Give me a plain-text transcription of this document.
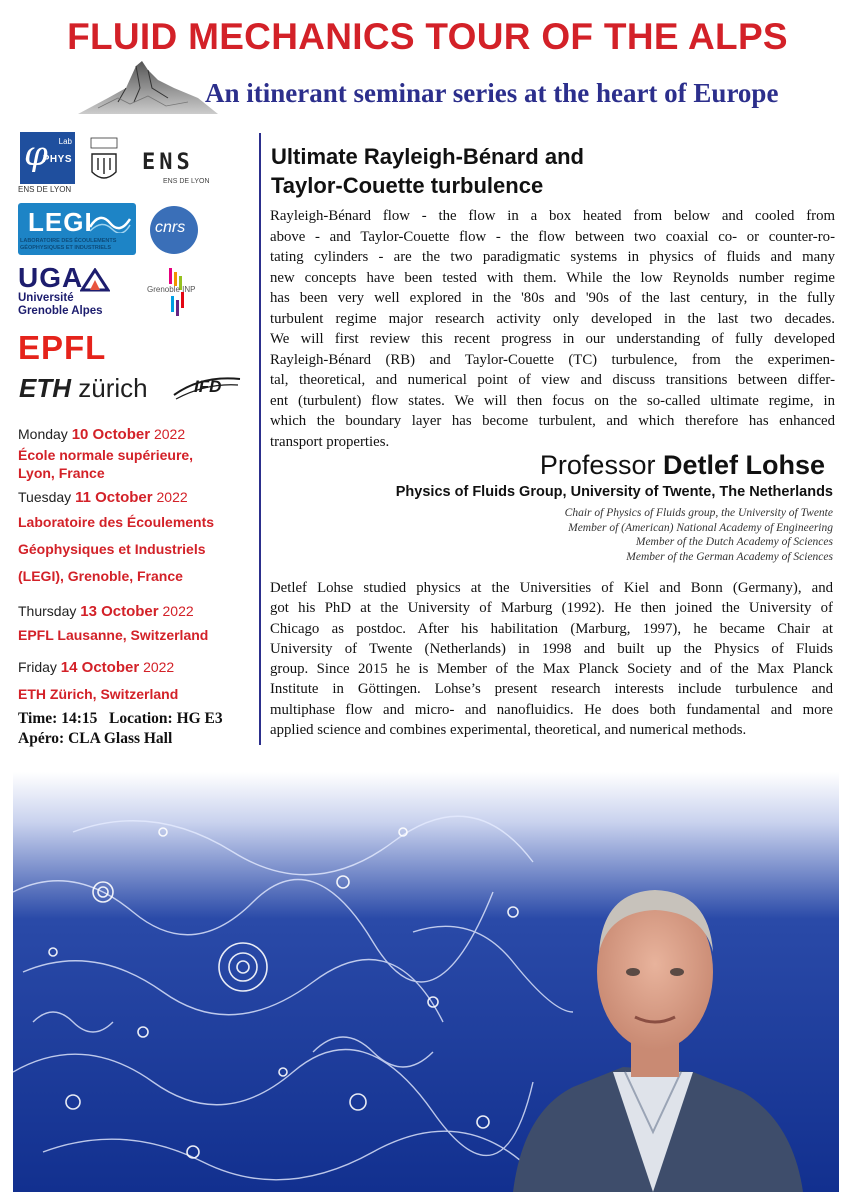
FLUID MECHANICS TOUR OF THE ALPS
An itinerant seminar series at the heart of Europe
φ Lab
PHYS
ENS DE LYON
ENS
ENS DE LYON
LEGI
LABORATOIRE DES ÉCOULEMENTS GÉOPHYSIQUES ET INDUSTRIELS
cnrs
UGA
Université
Grenoble Alpes
Grenoble INP
EPFL
ETH zürich	IFD
Monday 10 October 2022
École normale supérieure,
Lyon, France
Tuesday 11 October 2022
Laboratoire des Écoulements
Géophysiques et Industriels
(LEGI), Grenoble, France
Thursday 13 October 2022
EPFL Lausanne, Switzerland
Friday 14 October 2022
ETH Zürich, Switzerland
Time: 14:15   Location: HG E3
Apéro: CLA Glass Hall
Ultimate Rayleigh-Bénard and
Taylor-Couette turbulence
Rayleigh-Bénard flow - the flow in a box heated from below and cooled from
above - and Taylor-Couette flow - the flow between two coaxial co- or counter-ro-
tating cylinders - are the two paradigmatic systems in physics of fluids and many
new concepts have been tested with them. While the low Reynolds number regime
has been very well explored in the '80s and '90s of the last century, in the fully
turbulent regime major research activity only developed in the last two decades.
We will first review this recent progress in our understanding of fully developed
Rayleigh-Bénard (RB) and Taylor-Couette (TC) turbulence, from the experimen-
tal, theoretical, and numerical point of view and discuss transitions between differ-
ent (turbulent) flow states. We will then focus on the so-called ultimate regime, in
which the boundary layer has become turbulent, and which therefore has enhanced
transport properties.
Professor Detlef Lohse
Physics of Fluids Group, University of Twente, The Netherlands
Chair of Physics of Fluids group, the University of Twente
Member of (American) National Academy of Engineering
Member of the Dutch Academy of Sciences
Member of the German Academy of Sciences
Detlef Lohse studied physics at the Universities of Kiel and Bonn (Germany), and
got his PhD at the University of Marburg (1992). He then joined the University of
Chicago as postdoc. After his habilitation (Marburg, 1997), he became Chair at
University of Twente (Netherlands) in 1998 and built up the Physics of Fluids
group. Since 2015 he is Member of the Max Planck Society and of the Max Planck
Institute in Göttingen. Lohse’s present research interests include turbulence and
multiphase flow and micro- and nanofluidics. He does both fundamental and more
applied science and combines experimental, theoretical, and numerical methods.
